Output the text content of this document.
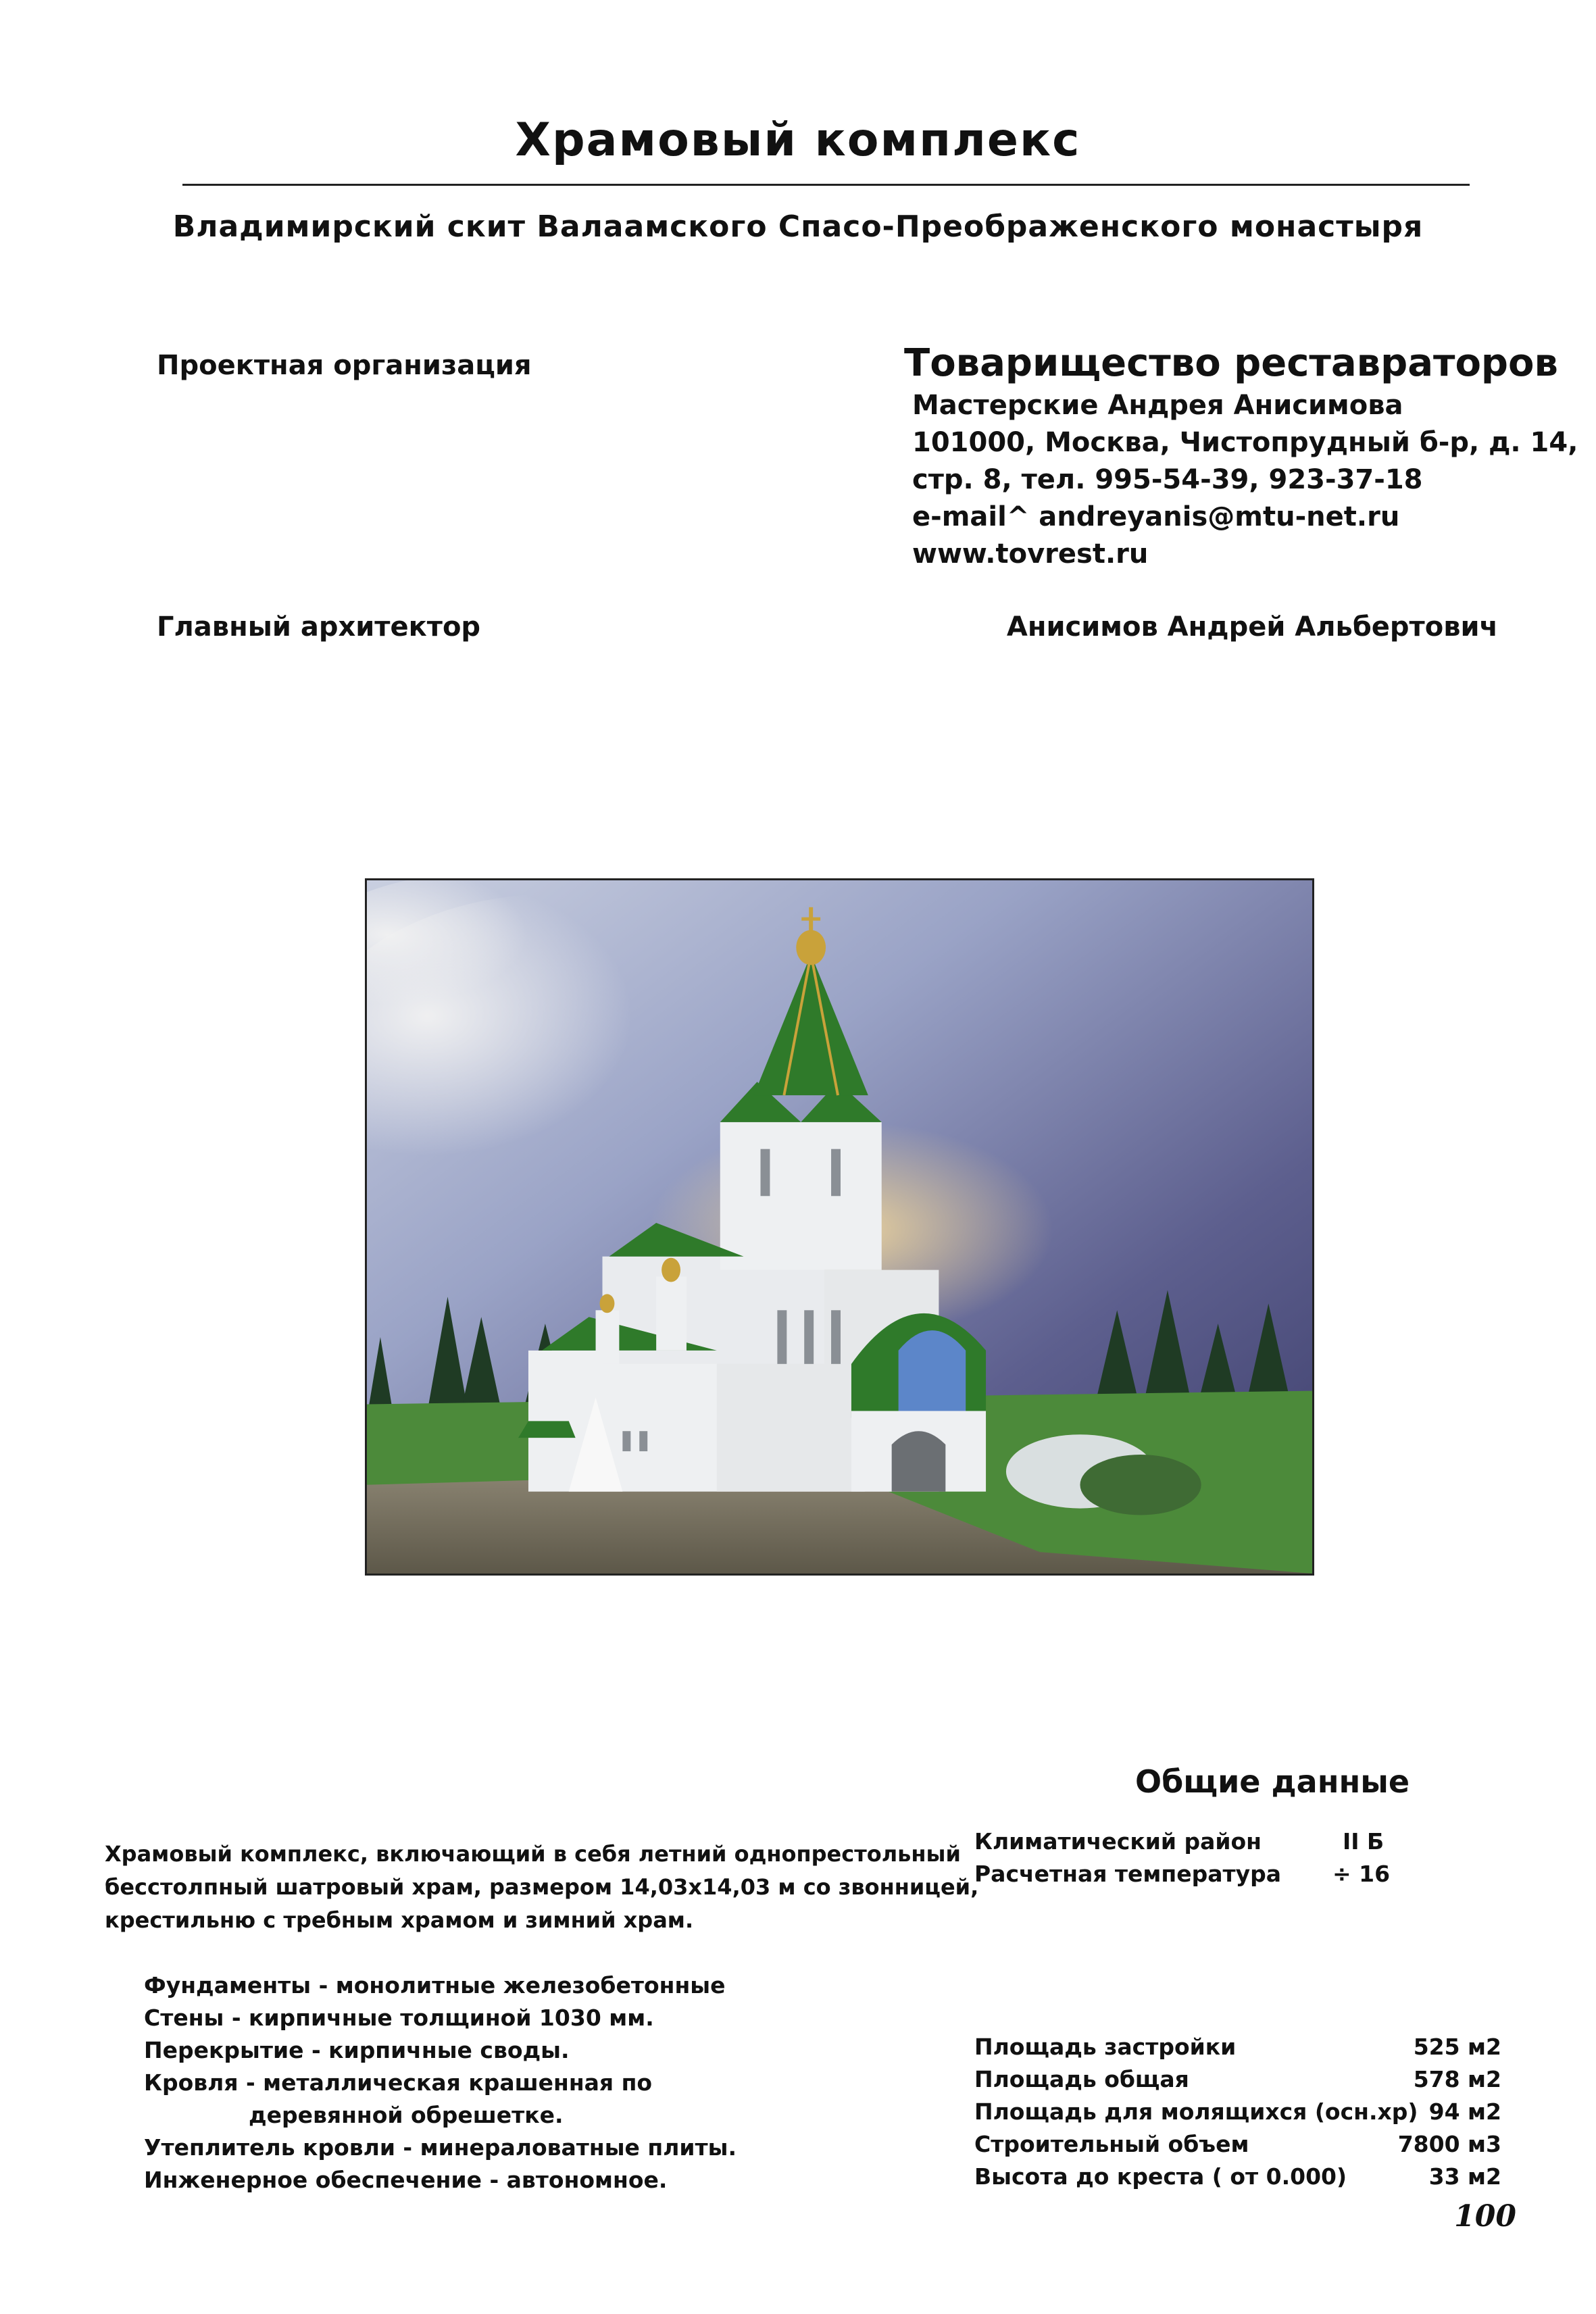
Храмовый комплекс
Владимирский скит Валаамского Спасо-Преображенского монастыря
Проектная организация	Товарищество реставраторов
Мастерские Андрея Анисимова
101000, Москва, Чистопрудный б-р, д. 14,
стр. 8, тел. 995-54-39, 923-37-18
e-mail^ andreyanis@mtu-net.ru
www.tovrest.ru
Главный архитектор	Анисимов Андрей Альбертович
Общие данные
Храмовый комплекс, включающий в себя летний однопрестольный
бесстолпный шатровый храм, размером 14,03х14,03 м со звонницей,
крестильню с требным храмом и зимний храм.
Фундаменты - монолитные железобетонные
Стены - кирпичные толщиной 1030 мм.
Перекрытие - кирпичные своды.
Кровля - металлическая крашенная по
деревянной обрешетке.
Утеплитель кровли - минераловатные плиты.
Инженерное обеспечение - автономное.
Климатический район	II Б
Расчетная температура ÷ 16
Площадь застройки	525 м2
Площадь общая	578 м2
Площадь для молящихся (осн.хр) 94 м2
Строительный объем	7800 м3
Высота до креста ( от 0.000)	33 м2
100
